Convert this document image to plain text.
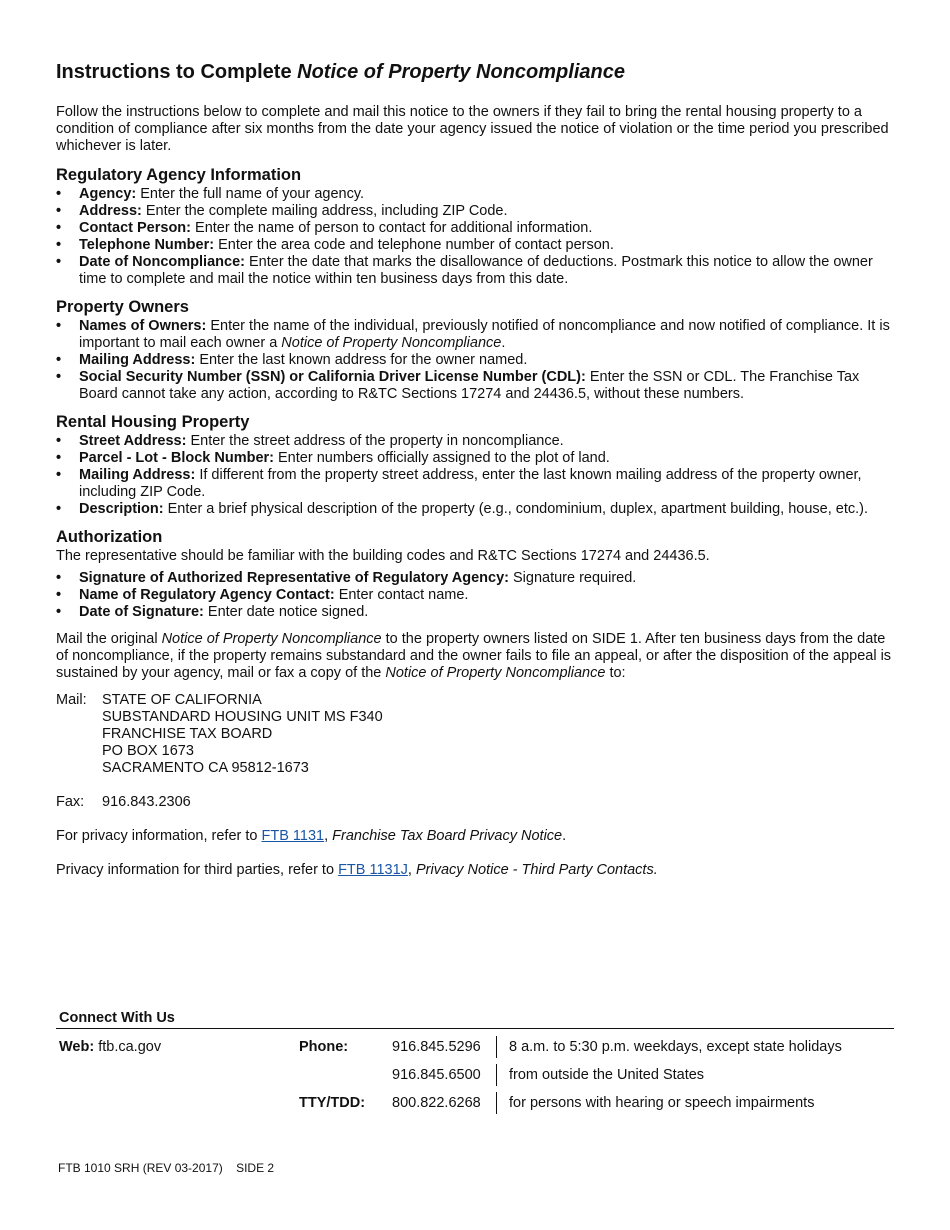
Instructions to Complete Notice of Property Noncompliance

Follow the instructions below to complete and mail this notice to the owners if they fail to bring the rental housing property to a condition of compliance after six months from the date your agency issued the notice of violation or the time period you prescribed whichever is later.

Regulatory Agency Information
• Agency: Enter the full name of your agency.
• Address: Enter the complete mailing address, including ZIP Code.
• Contact Person: Enter the name of person to contact for additional information.
• Telephone Number: Enter the area code and telephone number of contact person.
• Date of Noncompliance: Enter the date that marks the disallowance of deductions. Postmark this notice to allow the owner time to complete and mail the notice within ten business days from this date.
Property Owners
• Names of Owners: Enter the name of the individual, previously notified of noncompliance and now notified of compliance. It is important to mail each owner a Notice of Property Noncompliance.
• Mailing Address: Enter the last known address for the owner named.
• Social Security Number (SSN) or California Driver License Number (CDL): Enter the SSN or CDL. The Franchise Tax Board cannot take any action, according to R&TC Sections 17274 and 24436.5, without these numbers.
Rental Housing Property
• Street Address: Enter the street address of the property in noncompliance.
• Parcel - Lot - Block Number: Enter numbers officially assigned to the plot of land.
• Mailing Address: If different from the property street address, enter the last known mailing address of the property owner, including ZIP Code.
• Description: Enter a brief physical description of the property (e.g., condominium, duplex, apartment building, house, etc.).
Authorization

The representative should be familiar with the building codes and R&TC Sections 17274 and 24436.5.

• Signature of Authorized Representative of Regulatory Agency: Signature required.
• Name of Regulatory Agency Contact: Enter contact name.
• Date of Signature: Enter date notice signed.

Mail the original Notice of Property Noncompliance to the property owners listed on SIDE 1. After ten business days from the date of noncompliance, if the property remains substandard and the owner fails to file an appeal, or after the disposition of the appeal is sustained by your agency, mail or fax a copy of the Notice of Property Noncompliance to:

Mail:	STATE OF CALIFORNIA
SUBSTANDARD HOUSING UNIT MS F340
FRANCHISE TAX BOARD
PO BOX 1673
SACRAMENTO CA 95812-1673
Fax:	916.843.2306

For privacy information, refer to FTB 1131, Franchise Tax Board Privacy Notice.

Privacy information for third parties, refer to FTB 1131J, Privacy Notice - Third Party Contacts.

Connect With Us
Web: ftb.ca.gov	Phone:	916.845.5296 8 a.m. to 5:30 p.m. weekdays, except state holidays
916.845.6500 from outside the United States
TTY/TDD: 800.822.6268 for persons with hearing or speech impairments
FTB 1010 SRH (REV 03-2017)    SIDE 2
